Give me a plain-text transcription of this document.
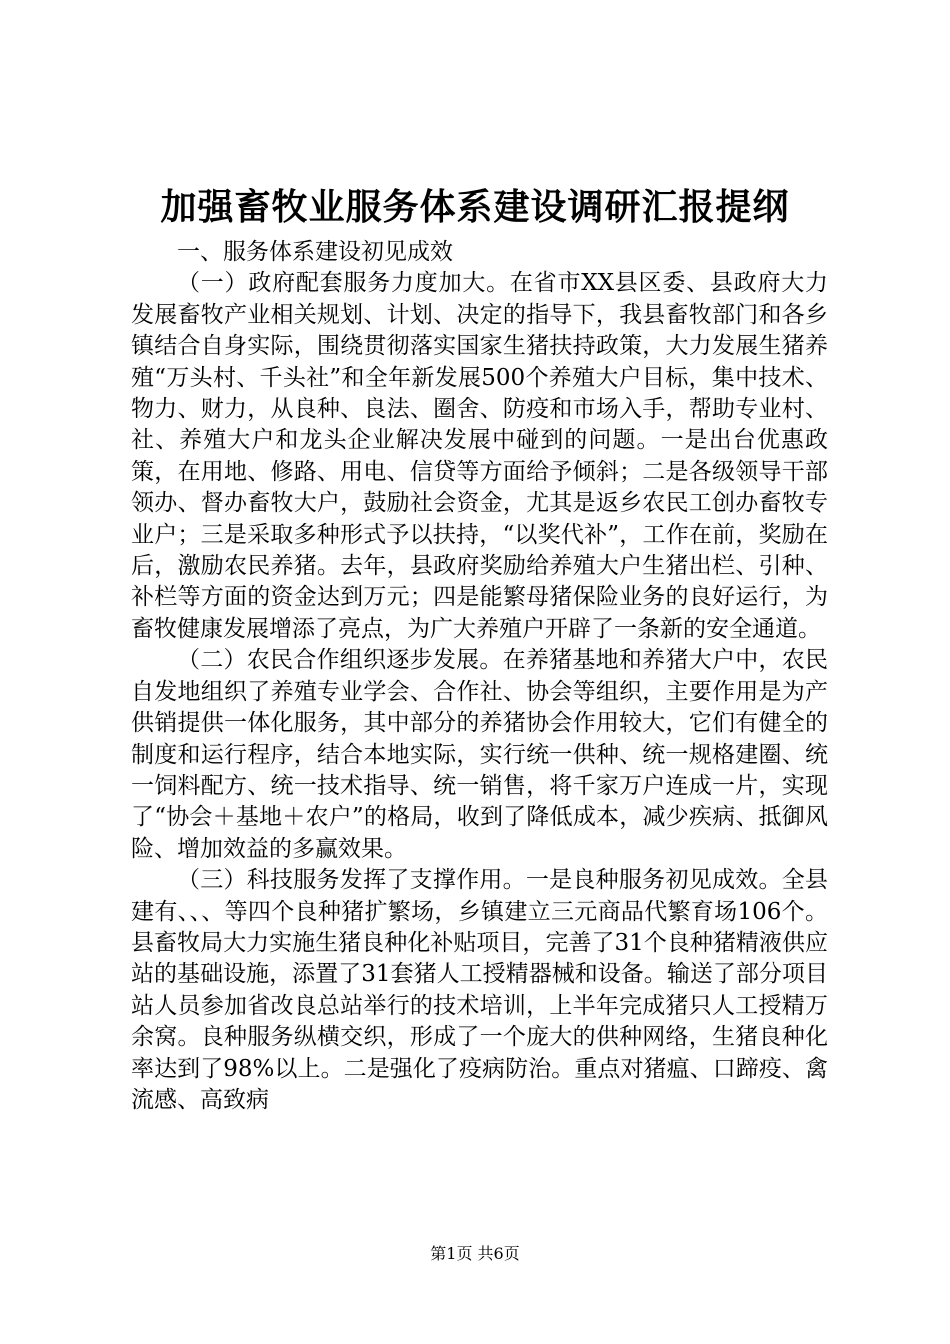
加强畜牧业服务体系建设调研汇报提纲

一、服务体系建设初见成效

（一）政府配套服务力度加大。在省市XX县区委、县政府大力发展畜牧产业相关规划、计划、决定的指导下，我县畜牧部门和各乡镇结合自身实际，围绕贯彻落实国家生猪扶持政策，大力发展生猪养殖“万头村、千头社”和全年新发展500个养殖大户目标，集中技术、物力、财力，从良种、良法、圈舍、防疫和市场入手，帮助专业村、社、养殖大户和龙头企业解决发展中碰到的问题。一是出台优惠政策，在用地、修路、用电、信贷等方面给予倾斜；二是各级领导干部领办、督办畜牧大户，鼓励社会资金，尤其是返乡农民工创办畜牧专业户；三是采取多种形式予以扶持，“以奖代补”，工作在前，奖励在后，激励农民养猪。去年，县政府奖励给养殖大户生猪出栏、引种、补栏等方面的资金达到万元；四是能繁母猪保险业务的良好运行，为畜牧健康发展增添了亮点，为广大养殖户开辟了一条新的安全通道。

（二）农民合作组织逐步发展。在养猪基地和养猪大户中，农民自发地组织了养殖专业学会、合作社、协会等组织，主要作用是为产供销提供一体化服务，其中部分的养猪协会作用较大，它们有健全的制度和运行程序，结合本地实际，实行统一供种、统一规格建圈、统一饲料配方、统一技术指导、统一销售，将千家万户连成一片，实现了“协会＋基地＋农户”的格局，收到了降低成本，减少疾病、抵御风险、增加效益的多赢效果。

（三）科技服务发挥了支撑作用。一是良种服务初见成效。全县建有、、、等四个良种猪扩繁场，乡镇建立三元商品代繁育场106个。县畜牧局大力实施生猪良种化补贴项目，完善了31个良种猪精液供应站的基础设施，添置了31套猪人工授精器械和设备。输送了部分项目站人员参加省改良总站举行的技术培训，上半年完成猪只人工授精万余窝。良种服务纵横交织，形成了一个庞大的供种网络，生猪良种化率达到了98%以上。二是强化了疫病防治。重点对猪瘟、口蹄疫、禽流感、高致病

第1页 共6页
